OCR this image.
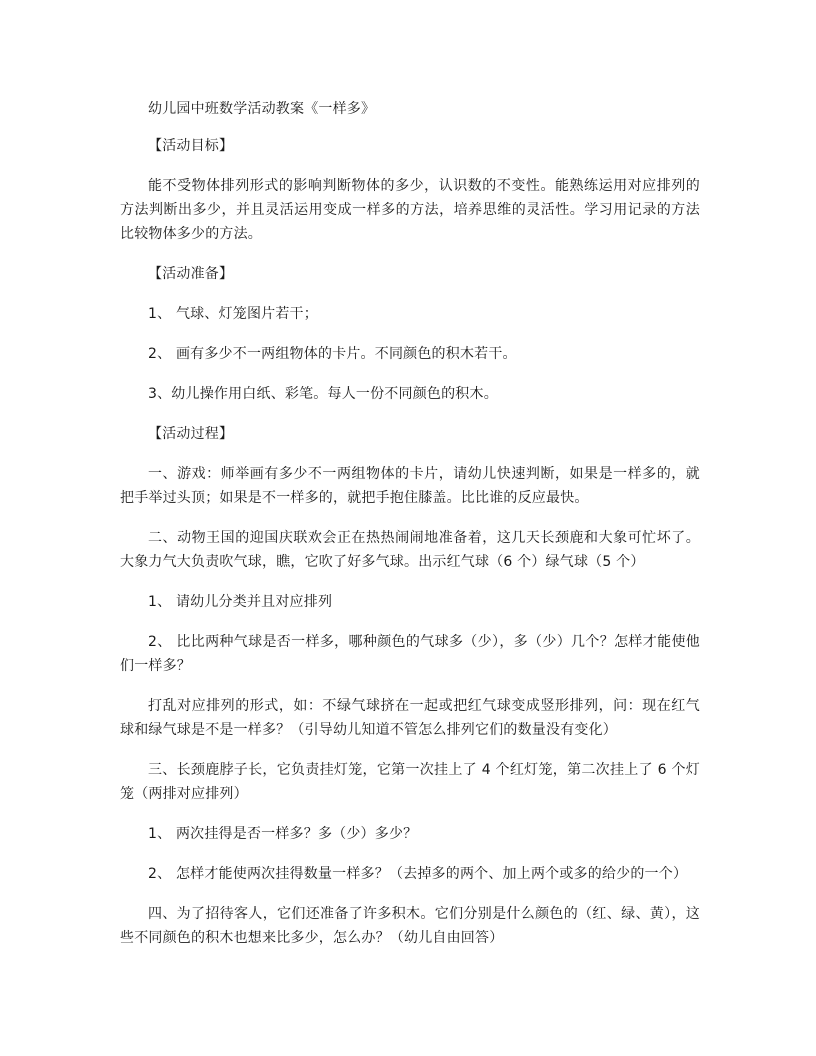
幼儿园中班数学活动教案《一样多》

【活动目标】

能不受物体排列形式的影响判断物体的多少，认识数的不变性。能熟练运用对应排列的方法判断出多少，并且灵活运用变成一样多的方法，培养思维的灵活性。学习用记录的方法比较物体多少的方法。

【活动准备】

1、 气球、灯笼图片若干；

2、 画有多少不一两组物体的卡片。不同颜色的积木若干。

3、幼儿操作用白纸、彩笔。每人一份不同颜色的积木。

【活动过程】

一、游戏：师举画有多少不一两组物体的卡片，请幼儿快速判断，如果是一样多的，就把手举过头顶；如果是不一样多的，就把手抱住膝盖。比比谁的反应最快。

二、动物王国的迎国庆联欢会正在热热闹闹地准备着，这几天长颈鹿和大象可忙坏了。大象力气大负责吹气球，瞧，它吹了好多气球。出示红气球（6 个）绿气球（5 个）

1、 请幼儿分类并且对应排列

2、 比比两种气球是否一样多，哪种颜色的气球多（少），多（少）几个？怎样才能使他们一样多？

打乱对应排列的形式，如：不绿气球挤在一起或把红气球变成竖形排列，问：现在红气球和绿气球是不是一样多？（引导幼儿知道不管怎么排列它们的数量没有变化）

三、长颈鹿脖子长，它负责挂灯笼，它第一次挂上了 4 个红灯笼，第二次挂上了 6 个灯笼（两排对应排列）

1、 两次挂得是否一样多？多（少）多少？

2、 怎样才能使两次挂得数量一样多？（去掉多的两个、加上两个或多的给少的一个）

四、为了招待客人，它们还准备了许多积木。它们分别是什么颜色的（红、绿、黄），这些不同颜色的积木也想来比多少，怎么办？（幼儿自由回答）
